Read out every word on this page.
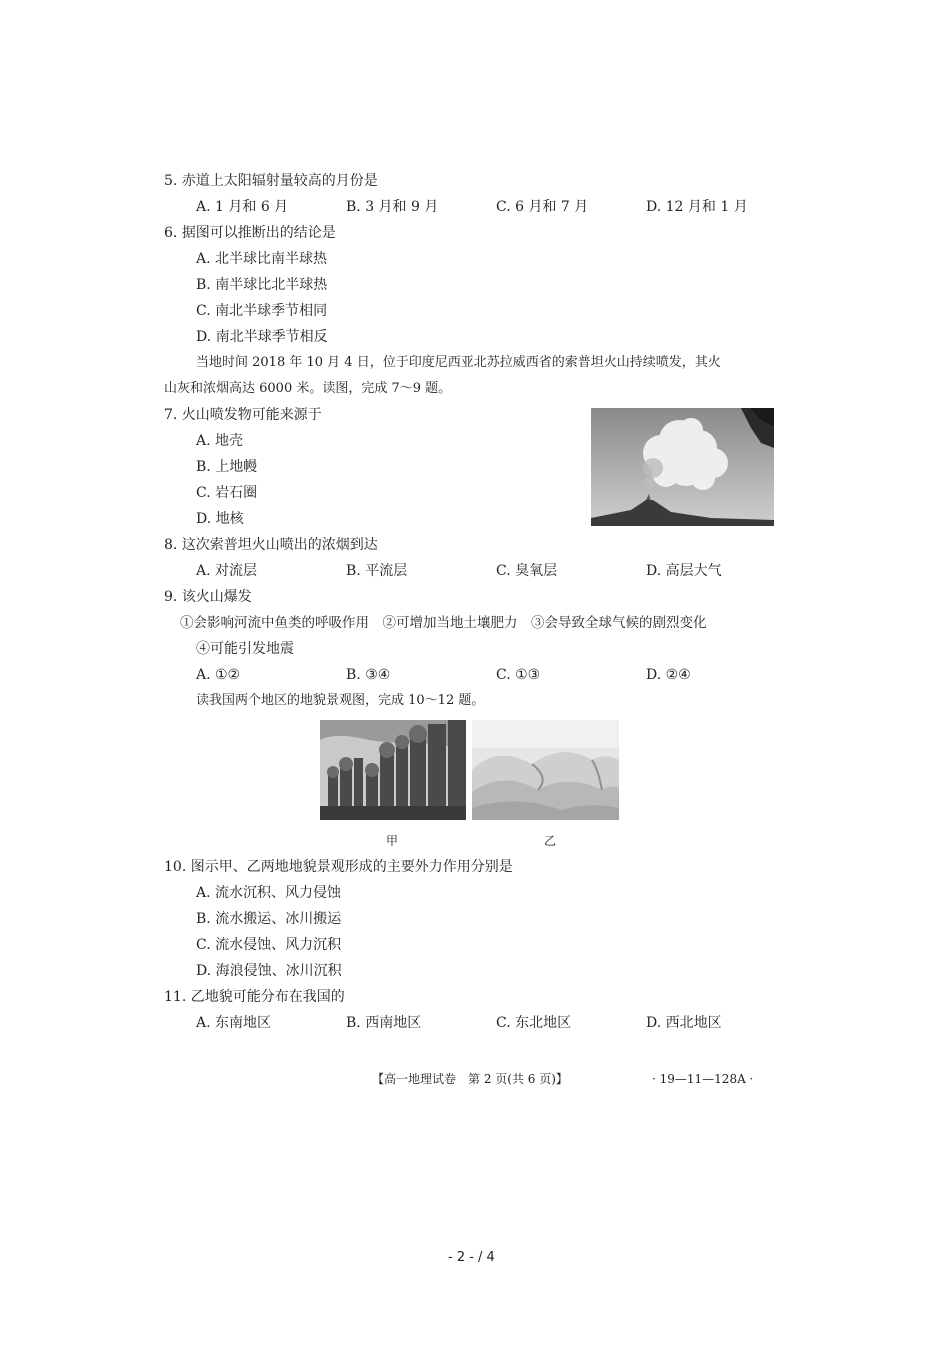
5. 赤道上太阳辐射量较高的月份是
A. 1 月和 6 月	B. 3 月和 9 月	C. 6 月和 7 月	D. 12 月和 1 月
6. 据图可以推断出的结论是
A. 北半球比南半球热
B. 南半球比北半球热
C. 南北半球季节相同
D. 南北半球季节相反
当地时间 2018 年 10 月 4 日，位于印度尼西亚北苏拉威西省的索普坦火山持续喷发，其火
山灰和浓烟高达 6000 米。读图，完成 7～9 题。
7. 火山喷发物可能来源于
A. 地壳
B. 上地幔
C. 岩石圈
D. 地核
8. 这次索普坦火山喷出的浓烟到达
A. 对流层	B. 平流层	C. 臭氧层	D. 高层大气
9. 该火山爆发
①会影响河流中鱼类的呼吸作用　②可增加当地土壤肥力　③会导致全球气候的剧烈变化
④可能引发地震
A. ①②	B. ③④	C. ①③	D. ②④
读我国两个地区的地貌景观图，完成 10～12 题。
甲	乙
10. 图示甲、乙两地地貌景观形成的主要外力作用分别是
A. 流水沉积、风力侵蚀
B. 流水搬运、冰川搬运
C. 流水侵蚀、风力沉积
D. 海浪侵蚀、冰川沉积
11. 乙地貌可能分布在我国的
A. 东南地区	B. 西南地区	C. 东北地区	D. 西北地区
【高一地理试卷　第 2 页(共 6 页)】	· 19—11—128A ·
- 2 - / 4
